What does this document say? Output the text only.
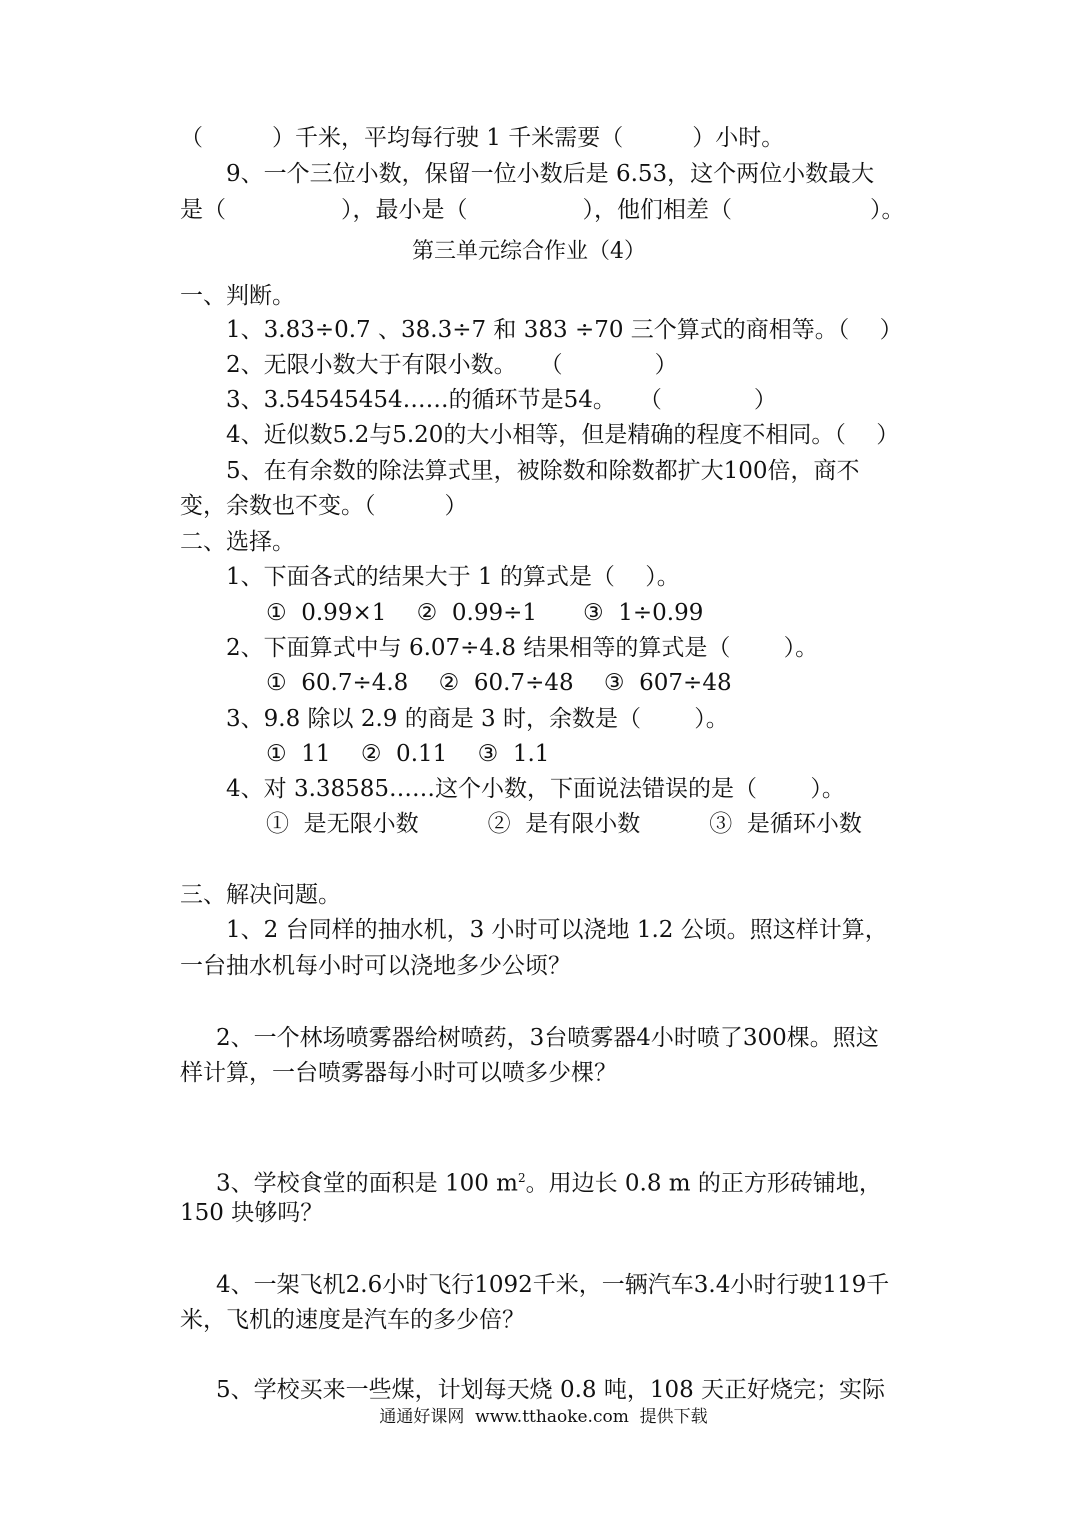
（　　　）千米，平均每行驶 1 千米需要（　　　）小时。

9、一个三位小数，保留一位小数后是 6.53，这个两位小数最大

是（　　　　　），最小是（　　　　　），他们相差（　　　　　　）。

第三单元综合作业（4）

一、判断。

1、3.83÷0.7 、38.3÷7 和 383 ÷70 三个算式的商相等。（　 ）

2、无限小数大于有限小数。　　（　　　　）

3、3.54545454……的循环节是54。　　（　　　　）

4、近似数5.2与5.20的大小相等，但是精确的程度不相同。（　 ）

5、在有余数的除法算式里，被除数和除数都扩大100倍，商不

变，余数也不变。（　　　）

二、选择。

1、下面各式的结果大于 1 的算式是（　 ）。

①  0.99×1　 ②  0.99÷1　　③  1÷0.99

2、下面算式中与 6.07÷4.8 结果相等的算式是（　　 ）。

①  60.7÷4.8　 ②  60.7÷48　 ③  607÷48

3、9.8 除以 2.9 的商是 3 时，余数是（　　 ）。

①  11　 ②  0.11　 ③  1.1

4、对 3.38585……这个小数，下面说法错误的是（　　 ）。

①  是无限小数　　　②  是有限小数　　　③  是循环小数

三、解决问题。

1、2 台同样的抽水机，3 小时可以浇地 1.2 公顷。照这样计算，

一台抽水机每小时可以浇地多少公顷？

2、一个林场喷雾器给树喷药，3台喷雾器4小时喷了300棵。照这

样计算，一台喷雾器每小时可以喷多少棵？

3、学校食堂的面积是 100 $m^2$。用边长 0.8 m 的正方形砖铺地，

150 块够吗？

4、一架飞机2.6小时飞行1092千米，一辆汽车3.4小时行驶119千

米，飞机的速度是汽车的多少倍？

5、学校买来一些煤，计划每天烧 0.8 吨，108 天正好烧完；实际

通通好课网  www.tthaoke.com  提供下载
